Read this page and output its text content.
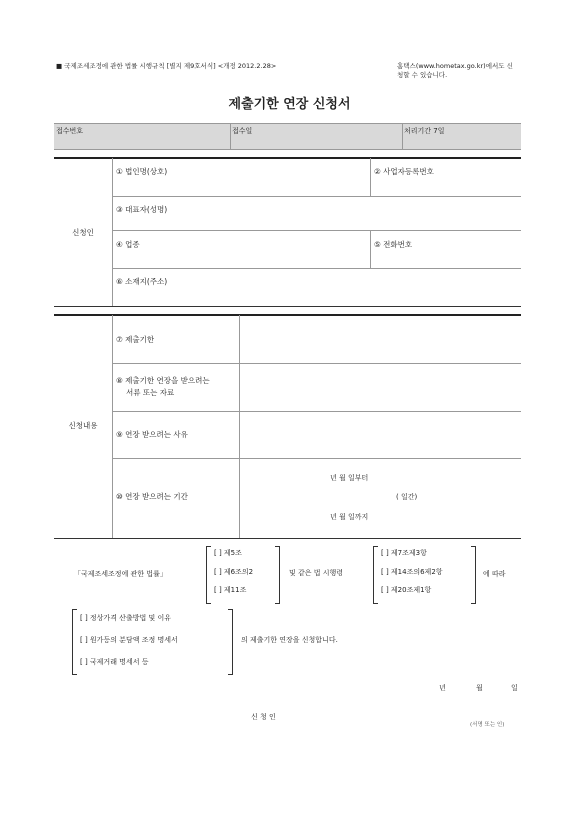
■ 국제조세조정에 관한 법률 시행규칙 [별지 제9호서식] <개정 2012.2.28>	홈택스(www.hometax.go.kr)에서도 신
청할 수 있습니다.
제출기한 연장 신청서
접수번호	접수일	처리기간 7일
신청인
① 법인명(상호)	② 사업자등록번호
③ 대표자(성명)
④ 업종	⑤ 전화번호
⑥ 소재지(주소)
신청내용
⑦ 제출기한
⑧ 제출기한 연장을 받으려는
서류 또는 자료
⑨ 연장 받으려는 사유
⑩ 연장 받으려는 기간
년 월 일부터
( 일간)
년 월 일까지
「국제조세조정에 관한 법률」
[ ] 제5조
[ ] 제6조의2
[ ] 제11조
및 같은 법 시행령
[ ] 제7조제3항
[ ] 제14조의6제2항
[ ] 제20조제1항
에 따라
[ ] 정상가격 산출방법 및 이유
[ ] 원가등의 분담액 조정 명세서
[ ] 국제거래 명세서 등
의 제출기한 연장을 신청합니다.
년	월	일
신 청 인
(서명 또는 인)
